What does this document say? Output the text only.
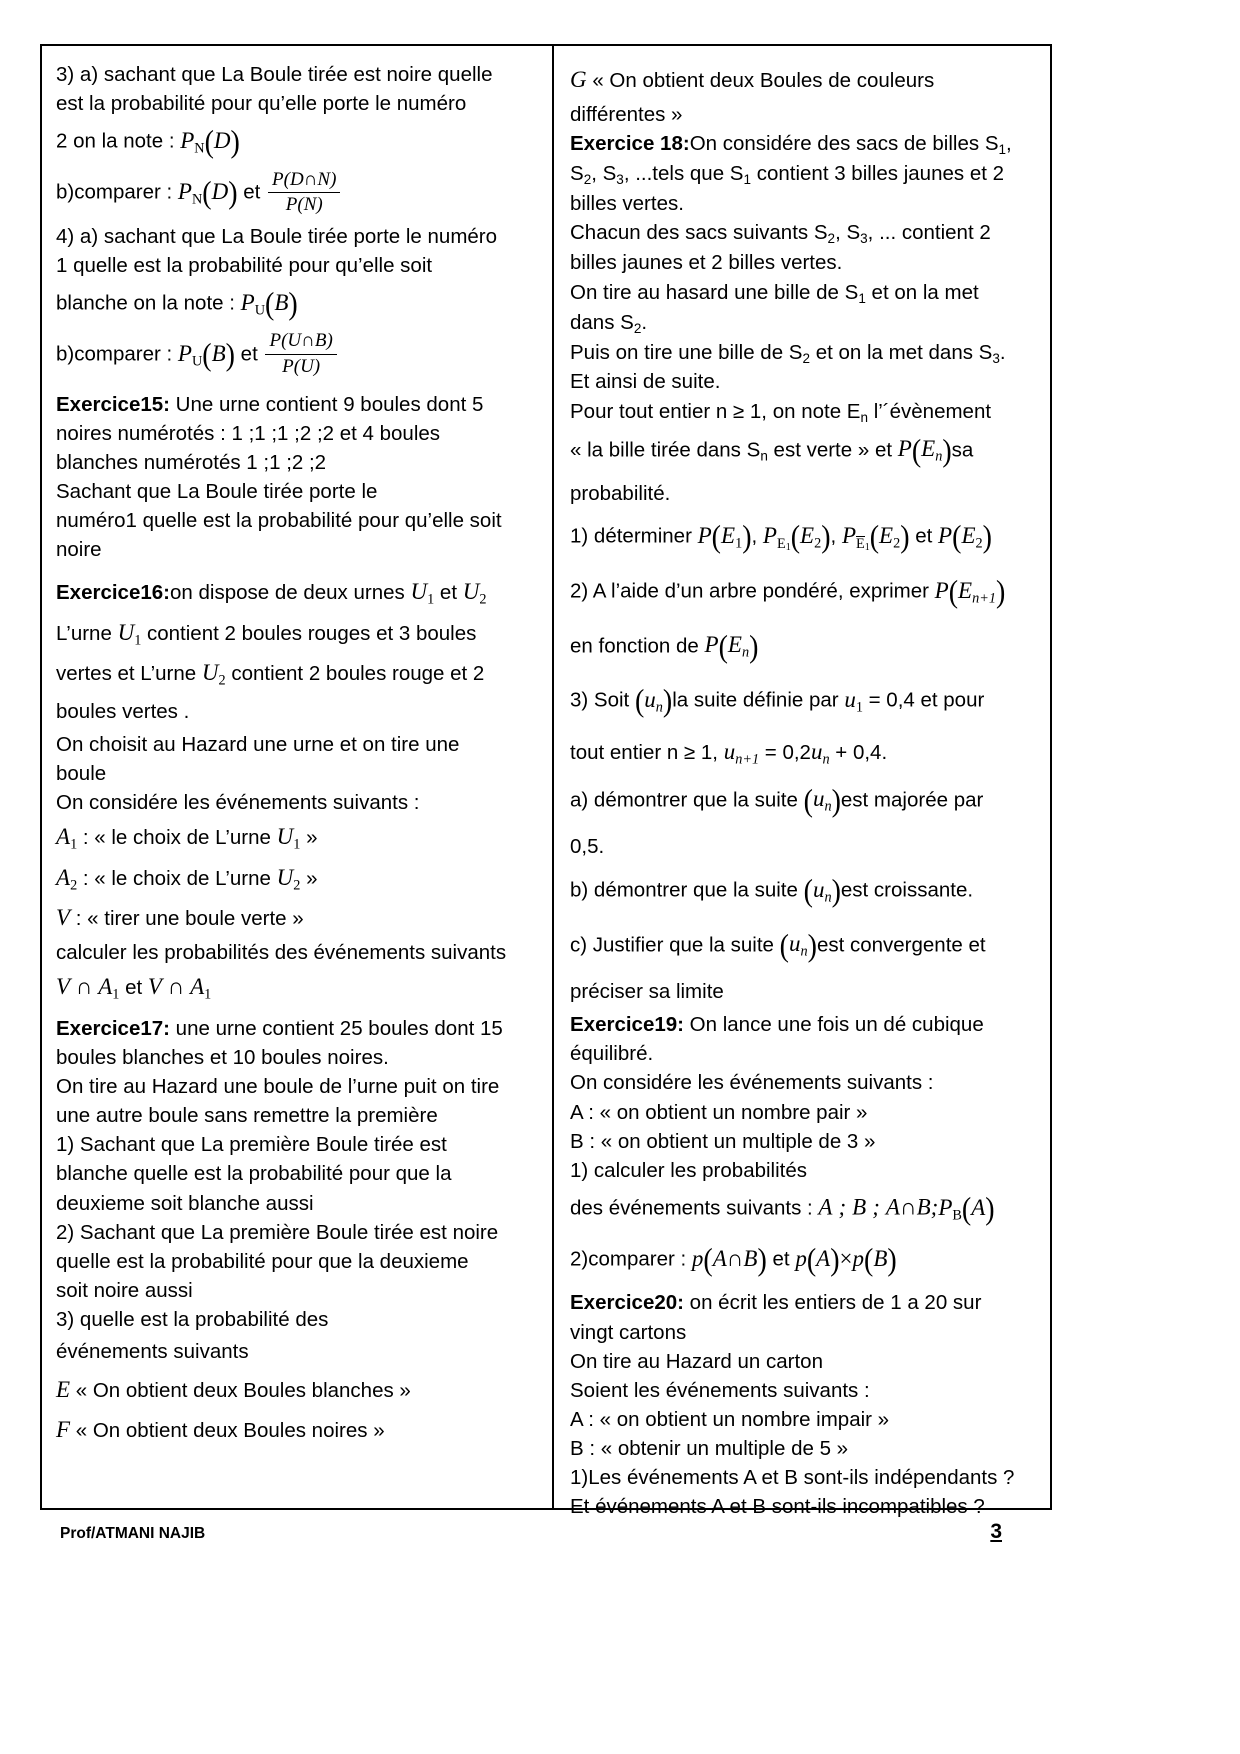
3) a) sachant que La Boule tirée est noire quelle

est la probabilité pour qu’elle porte le numéro

2 on la note : $P_N(D)$

b)comparer : $P_N(D)$ et $\frac{P(D\cap N)}{P(N)}$

4) a) sachant que La Boule tirée porte le numéro

1 quelle est la probabilité pour qu’elle soit

blanche on la note : $P_U(B)$

b)comparer : $P_U(B)$ et $\frac{P(U\cap B)}{P(U)}$

Exercice15: Une urne contient 9 boules dont 5

noires numérotés : 1 ;1 ;1 ;2 ;2 et 4 boules

blanches numérotés 1 ;1 ;2 ;2

Sachant que La Boule tirée porte le

numéro1 quelle est la probabilité pour qu’elle soit

noire

Exercice16:on dispose de deux urnes U1 et U2

L’urne U1 contient 2 boules rouges et 3 boules

vertes et L’urne U2 contient 2 boules rouge et 2

boules vertes .

On choisit au Hazard une urne et on tire une

boule

On considére les événements suivants :

A1 : « le choix de L’urne U1 »

A2 : « le choix de L’urne U2 »

V : « tirer une boule verte »

calculer les probabilités des événements suivants

V ∩ A1 et V ∩ A1

Exercice17: une urne contient 25 boules dont 15

boules blanches et 10 boules noires.

On tire au Hazard une boule de l’urne puit on tire

une autre boule sans remettre la première

1) Sachant que La première Boule tirée est

blanche quelle est la probabilité pour que la

deuxieme soit blanche aussi

2) Sachant que La première Boule tirée est noire

quelle est la probabilité pour que la deuxieme

soit noire aussi

3) quelle est la probabilité des

événements suivants

E « On obtient deux Boules blanches »

F « On obtient deux Boules noires »

G « On obtient deux Boules de couleurs

différentes »

Exercice 18:On considére des sacs de billes S1,

S2, S3, ...tels que S1 contient 3 billes jaunes et 2

billes vertes.

Chacun des sacs suivants S2, S3, ... contient 2

billes jaunes et 2 billes vertes.

On tire au hasard une bille de S1 et on la met

dans S2.

Puis on tire une bille de S2 et on la met dans S3.

Et ainsi de suite.

Pour tout entier n ≥ 1, on note En l’´évènement

« la bille tirée dans Sn est verte » et $P(E_n)sa$

probabilité.

1) déterminer P(E1), $P_{E1}(E2)$, $P_{E1}(E2)$ et P(E2)

2) A l’aide d’un arbre pondéré, exprimer $P(E_{n+1})$

en fonction de $P(E_n)$

3) Soit $(u_n)la$ suite définie par u1 = 0,4 et pour

tout entier n ≥ 1, $u_{n+1} = 0,2u_n + 0,4$.

a) démontrer que la suite $(u_n)est$ majorée par

0,5.

b) démontrer que la suite $(u_n)est$ croissante.

c) Justifier que la suite $(u_n)est$ convergente et

préciser sa limite

Exercice19: On lance une fois un dé cubique

équilibré.

On considére les événements suivants :

A : « on obtient un nombre pair »

B : « on obtient un multiple de 3 »

1) calculer les probabilités

des événements suivants : A ; B ; $A\cap B;P_B(A)$

2)comparer : p(A∩B) et p(A)×p(B)

Exercice20: on écrit les entiers de 1 a 20 sur

vingt cartons

On tire au Hazard un carton

Soient les événements suivants :

A : « on obtient un nombre impair »

B : « obtenir un multiple de 5 »

1)Les événements A et B sont-ils indépendants ?

Et événements A et B sont-ils incompatibles ?

Prof/ATMANI NAJIB	3
